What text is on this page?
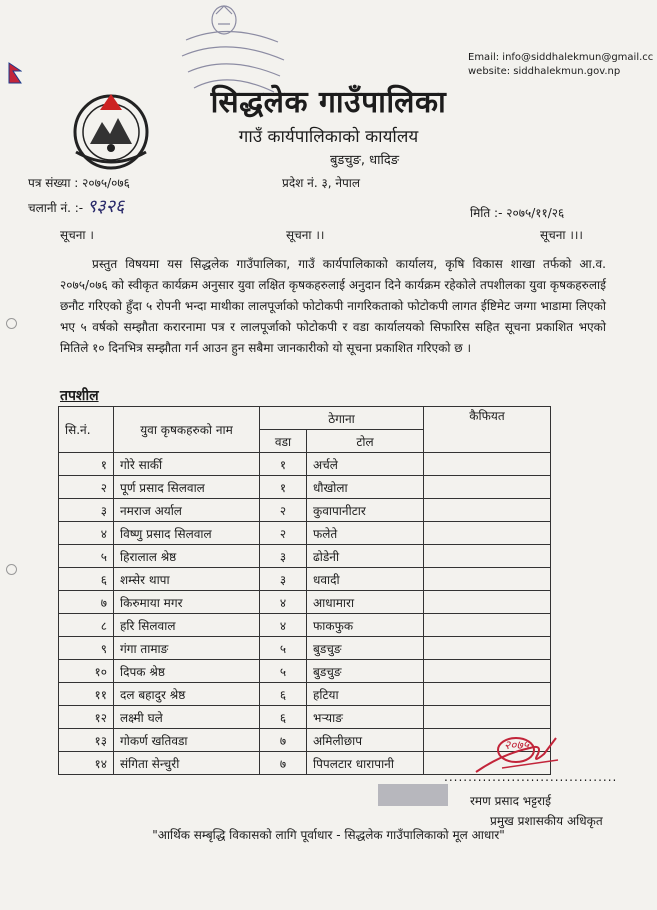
Email: info@siddhalekmun@gmail.cc
website: siddhalekmun.gov.np
सिद्धलेक गाउँपालिका
गाउँ कार्यपालिकाको कार्यालय
बुडचुङ, धादिङ
प्रदेश नं. ३, नेपाल
पत्र संख्या : २०७५/०७६
चलानी नं. :- ९३२६	मिति :- २०७५/११/२६
सूचना ।	सूचना ।।	सूचना ।।।
प्रस्तुत विषयमा यस सिद्धलेक गाउँपालिका, गाउँ कार्यपालिकाको कार्यालय, कृषि विकास शाखा तर्फको आ.व. २०७५/०७६ को स्वीकृत कार्यक्रम अनुसार युवा लक्षित कृषकहरुलाई अनुदान दिने कार्यक्रम रहेकोले तपशीलका युवा कृषकहरुलाई छनौट गरिएको हुँदा ५ रोपनी भन्दा माथीका लालपूर्जाको फोटोकपी नागरिकताको फोटोकपी लागत ईष्टिमेट जग्गा भाडामा लिएको भए ५ वर्षको सम्झौता करारनामा पत्र र लालपूर्जाको फोटोकपी र वडा कार्यालयको सिफारिस सहित सूचना प्रकाशित भएको मितिले १० दिनभित्र सम्झौता गर्न आउन हुन सबैमा जानकारीको यो सूचना प्रकाशित गरिएको छ ।
तपशील
सि.नं.	युवा कृषकहरुको नाम	ठेगाना		कैफियत
		वडा	टोल	
१	गोरे सार्की	१	अर्चले	
२	पूर्ण प्रसाद सिलवाल	१	धौखोला	
३	नमराज अर्याल	२	कुवापानीटार	
४	विष्णु प्रसाद सिलवाल	२	फलेते	
५	हिरालाल श्रेष्ठ	३	ढोडेनी	
६	शम्सेर थापा	३	धवादी	
७	किरुमाया मगर	४	आधामारा	
८	हरि सिलवाल	४	फाकफुक	
९	गंगा तामाङ	५	बुडचुङ	
१०	दिपक श्रेष्ठ	५	बुडचुङ	
११	दल बहादुर श्रेष्ठ	६	हटिया	
१२	लक्ष्मी घले	६	भऱ्याङ	
१३	गोकर्ण खतिवडा	७	अमिलीछाप	
१४	संगिता सेन्चुरी	७	पिपलटार धारापानी	
२०७५
....................................
रमण प्रसाद भट्टराई
प्रमुख प्रशासकीय अधिकृत
"आर्थिक सम्बृद्धि विकासको लागि पूर्वाधार - सिद्धलेक गाउँपालिकाको मूल आधार"
